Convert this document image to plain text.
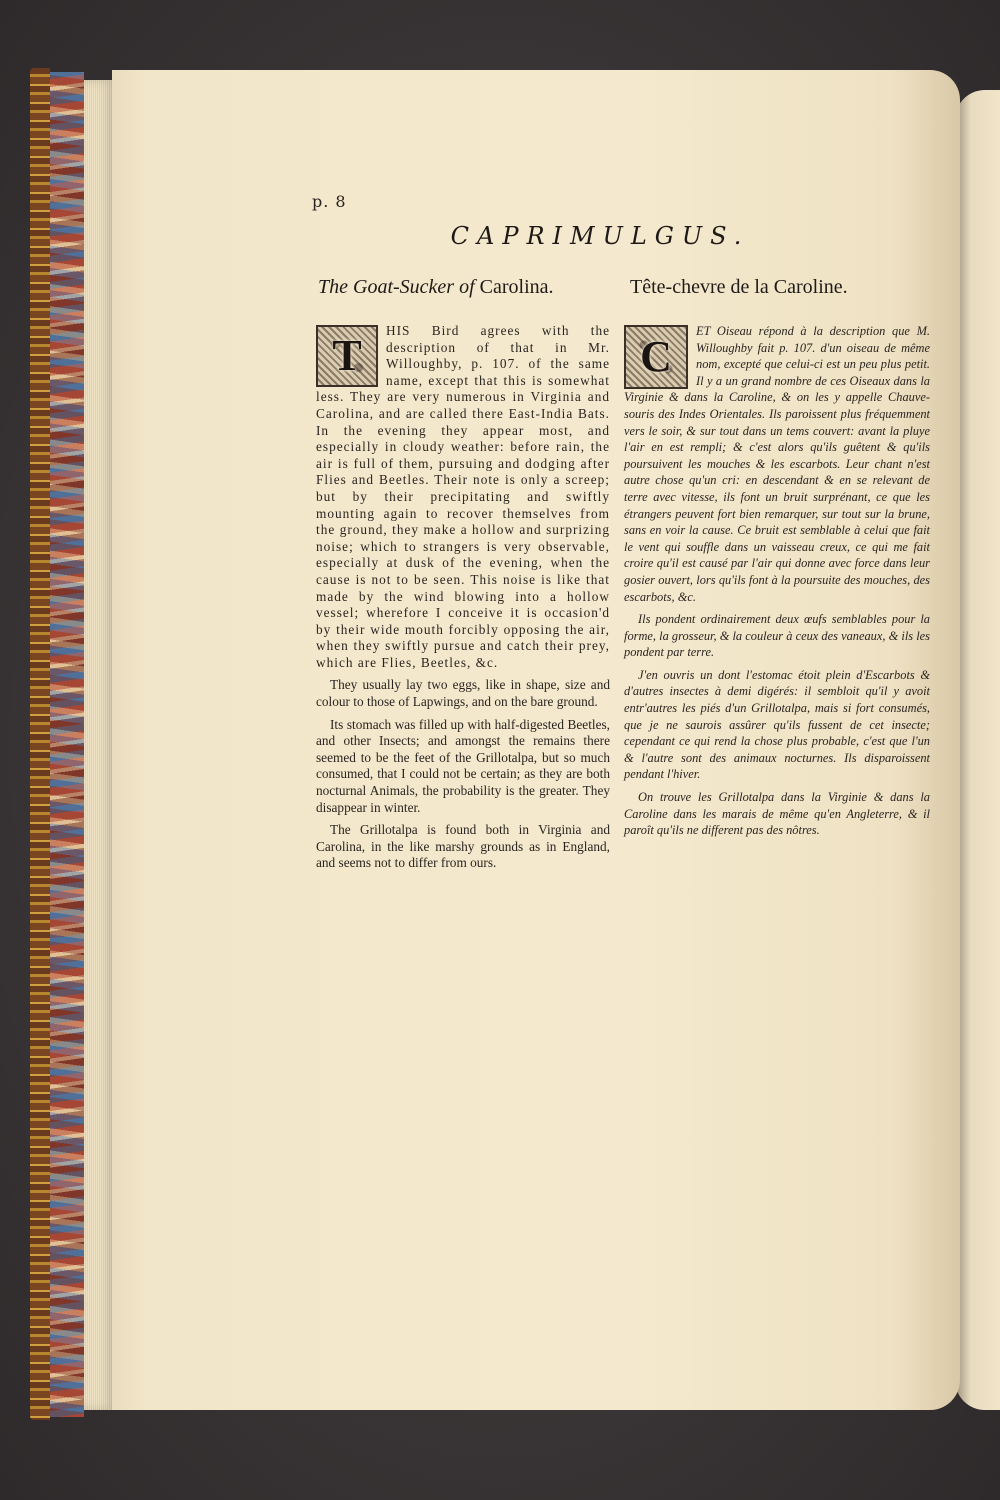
p. 8
CAPRIMULGUS.
The Goat-Sucker of Carolina.	Tête-chevre de la Caroline.

T
HIS Bird agrees with the description of that in Mr. Willoughby, p. 107. of the same name, except that this is somewhat less. They are very numerous in Virginia and Carolina, and are called there East-India Bats. In the evening they appear most, and especially in cloudy weather: before rain, the air is full of them, pursuing and dodging after Flies and Beetles. Their note is only a screep; but by their precipitating and swiftly mounting again to recover themselves from the ground, they make a hollow and surprizing noise; which to strangers is very observable, especially at dusk of the evening, when the cause is not to be seen. This noise is like that made by the wind blowing into a hollow vessel; wherefore I conceive it is occasion'd by their wide mouth forcibly opposing the air, when they swiftly pursue and catch their prey, which are Flies, Beetles, &c.

They usually lay two eggs, like in shape, size and colour to those of Lapwings, and on the bare ground.

Its stomach was filled up with half-digested Beetles, and other Insects; and amongst the remains there seemed to be the feet of the Grillotalpa, but so much consumed, that I could not be certain; as they are both nocturnal Animals, the probability is the greater. They disappear in winter.

The Grillotalpa is found both in Virginia and Carolina, in the like marshy grounds as in England, and seems not to differ from ours.

C
ET Oiseau répond à la description que M. Willoughby fait p. 107. d'un oiseau de même nom, excepté que celui-ci est un peu plus petit. Il y a un grand nombre de ces Oiseaux dans la Virginie & dans la Caroline, & on les y appelle Chauve-souris des Indes Orientales. Ils paroissent plus fréquemment vers le soir, & sur tout dans un tems couvert: avant la pluye l'air en est rempli; & c'est alors qu'ils guêtent & qu'ils poursuivent les mouches & les escarbots. Leur chant n'est autre chose qu'un cri: en descendant & en se relevant de terre avec vitesse, ils font un bruit surprénant, ce que les étrangers peuvent fort bien remarquer, sur tout sur la brune, sans en voir la cause. Ce bruit est semblable à celui que fait le vent qui souffle dans un vaisseau creux, ce qui me fait croire qu'il est causé par l'air qui donne avec force dans leur gosier ouvert, lors qu'ils font à la poursuite des mouches, des escarbots, &c.

Ils pondent ordinairement deux œufs semblables pour la forme, la grosseur, & la couleur à ceux des vaneaux, & ils les pondent par terre.

J'en ouvris un dont l'estomac étoit plein d'Escarbots & d'autres insectes à demi digérés: il sembloit qu'il y avoit entr'autres les piés d'un Grillotalpa, mais si fort consumés, que je ne saurois assûrer qu'ils fussent de cet insecte; cependant ce qui rend la chose plus probable, c'est que l'un & l'autre sont des animaux nocturnes. Ils disparoissent pendant l'hiver.

On trouve les Grillotalpa dans la Virginie & dans la Caroline dans les marais de même qu'en Angleterre, & il paroît qu'ils ne different pas des nôtres.
